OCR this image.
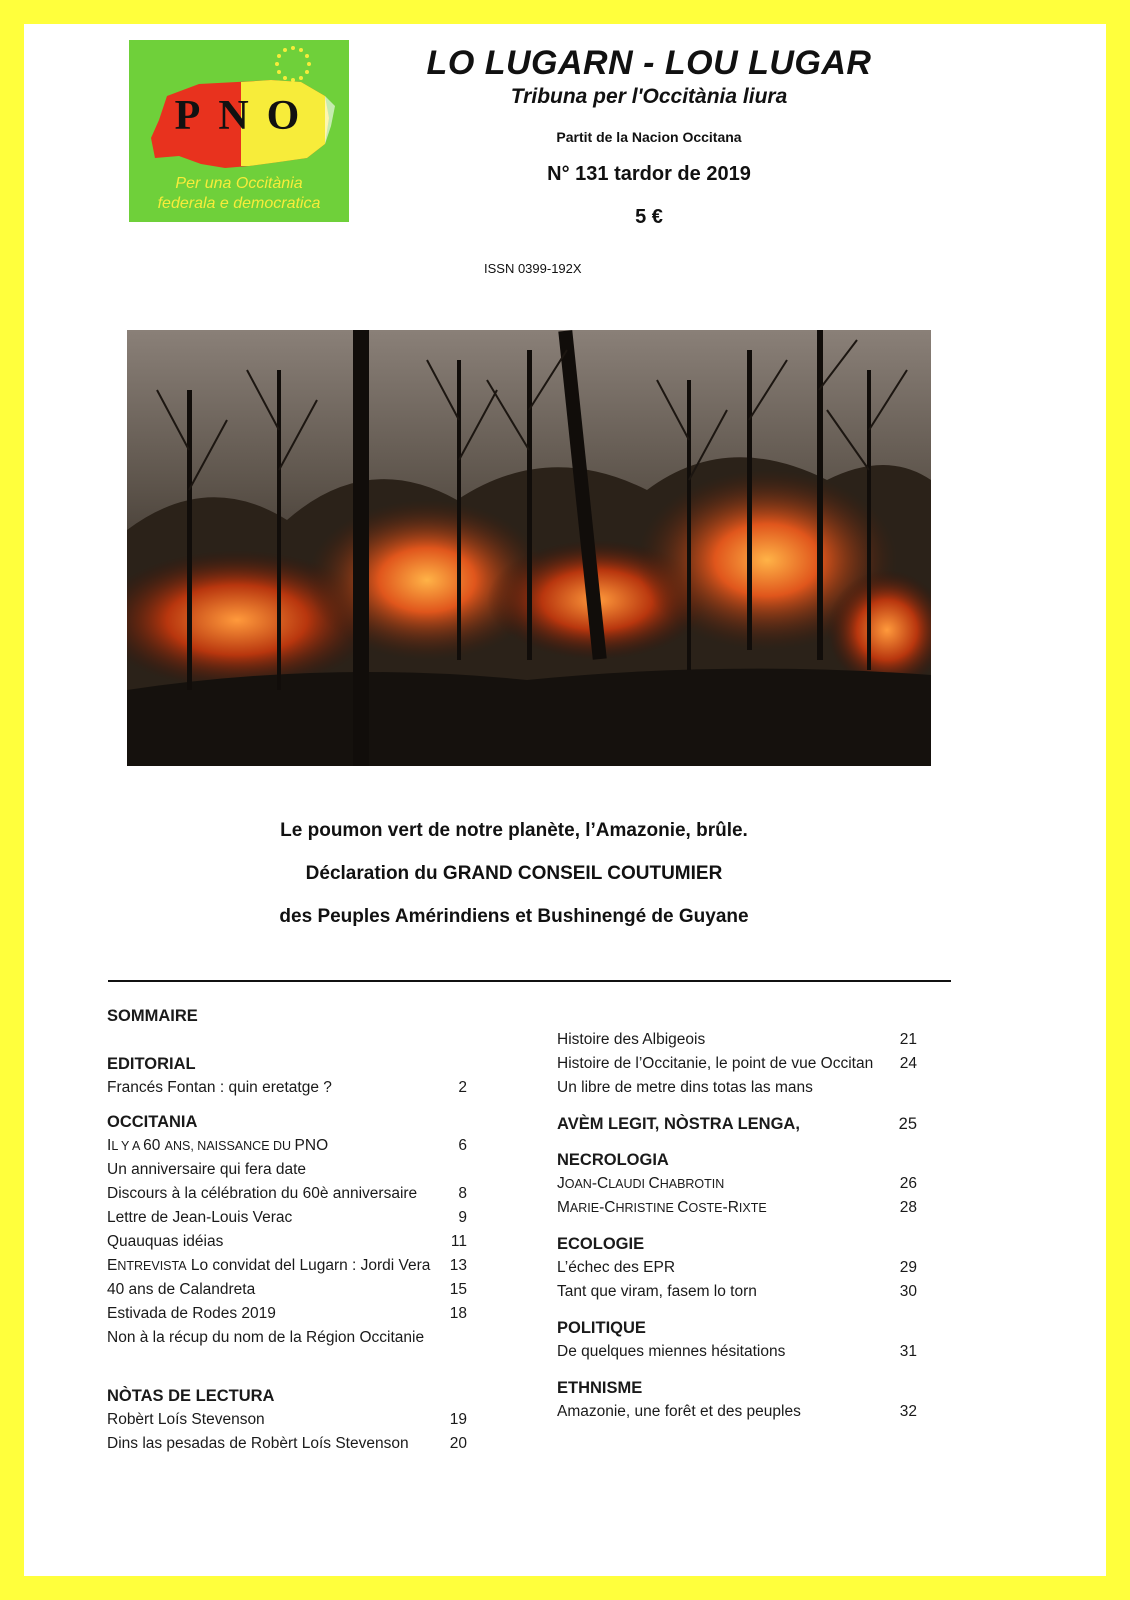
PNO
Per una Occitània
federala e democratica
LO LUGARN - LOU LUGAR
Tribuna per l'Occitània liura
Partit de la Nacion Occitana
N° 131 tardor de 2019
5 €
ISSN 0399-192X
Le poumon vert de notre planète, l’Amazonie, brûle.
Déclaration du GRAND CONSEIL COUTUMIER
des Peuples Amérindiens et Bushinengé de Guyane
SOMMAIRE
EDITORIAL
Francés Fontan : quin eretatge ?	2
OCCITANIA
IL Y A 60 ANS, NAISSANCE DU PNO	6
Un anniversaire qui fera date
Discours à la célébration du 60è anniversaire	8
Lettre de Jean-Louis Verac	9
Quauquas idéias	11
ENTREVISTA Lo convidat del Lugarn : Jordi Vera	13
40 ans de Calandreta	15
Estivada de Rodes 2019	18
Non à la récup du nom de la Région Occitanie
NÒTAS DE LECTURA
Robèrt Loís Stevenson	19
Dins las pesadas de Robèrt Loís Stevenson	20
Histoire des Albigeois	21
Histoire de l’Occitanie, le point de vue Occitan	24
Un libre de metre dins totas las mans
AVÈM LEGIT, NÒSTRA LENGA,	25
NECROLOGIA
JOAN-CLAUDI CHABROTIN	26
MARIE-CHRISTINE COSTE-RIXTE	28
ECOLOGIE
L’échec des EPR	29
Tant que viram, fasem lo torn	30
POLITIQUE
De quelques miennes hésitations	31
ETHNISME
Amazonie, une forêt et des peuples	32
